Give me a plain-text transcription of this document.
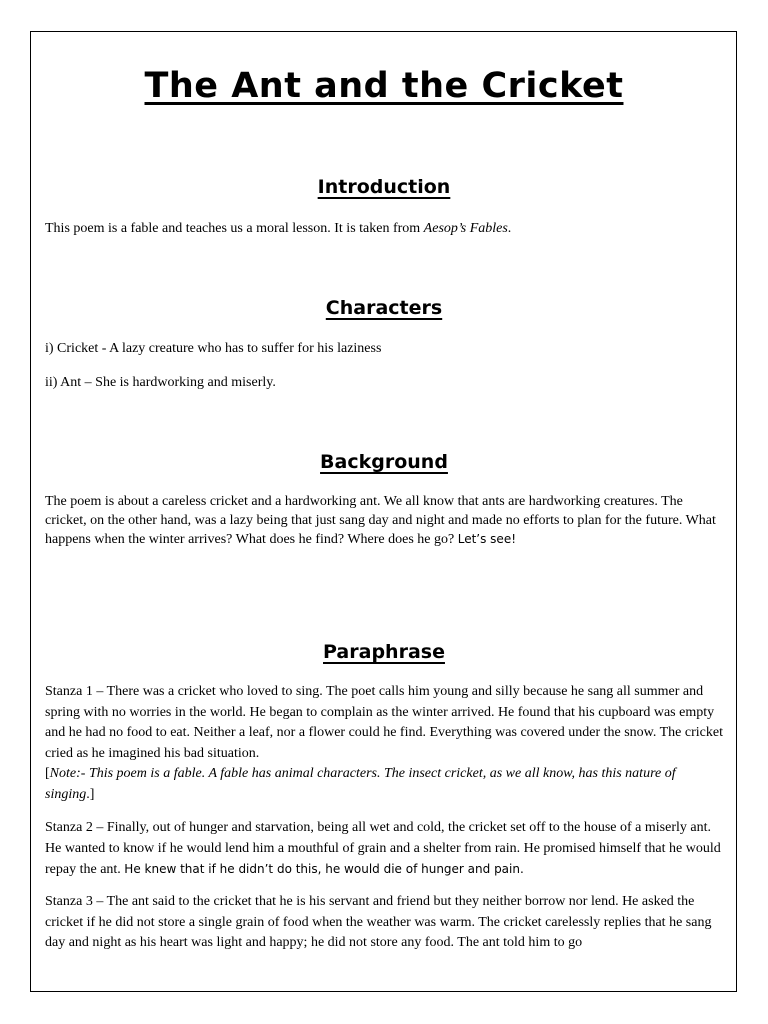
The Ant and the Cricket
Introduction

This poem is a fable and teaches us a moral lesson. It is taken from Aesop’s Fables.

Characters

i) Cricket - A lazy creature who has to suffer for his laziness

ii) Ant – She is hardworking and miserly.

Background

The poem is about a careless cricket and a hardworking ant. We all know that ants are hardworking creatures. The cricket, on the other hand, was a lazy being that just sang day and night and made no efforts to plan for the future. What happens when the winter arrives? What does he find? Where does he go? Let’s see!

Paraphrase

Stanza 1 – There was a cricket who loved to sing. The poet calls him young and silly because he sang all summer and spring with no worries in the world. He began to complain as the winter arrived. He found that his cupboard was empty and he had no food to eat. Neither a leaf, nor a flower could he find. Everything was covered under the snow. The cricket cried as he imagined his bad situation.
[Note:- This poem is a fable. A fable has animal characters. The insect cricket, as we all know, has this nature of singing.]

Stanza 2 – Finally, out of hunger and starvation, being all wet and cold, the cricket set off to the house of a miserly ant. He wanted to know if he would lend him a mouthful of grain and a shelter from rain. He promised himself that he would repay the ant. He knew that if he didn’t do this, he would die of hunger and pain.

Stanza 3 – The ant said to the cricket that he is his servant and friend but they neither borrow nor lend. He asked the cricket if he did not store a single grain of food when the weather was warm. The cricket carelessly replies that he sang day and night as his heart was light and happy; he did not store any food. The ant told him to go
